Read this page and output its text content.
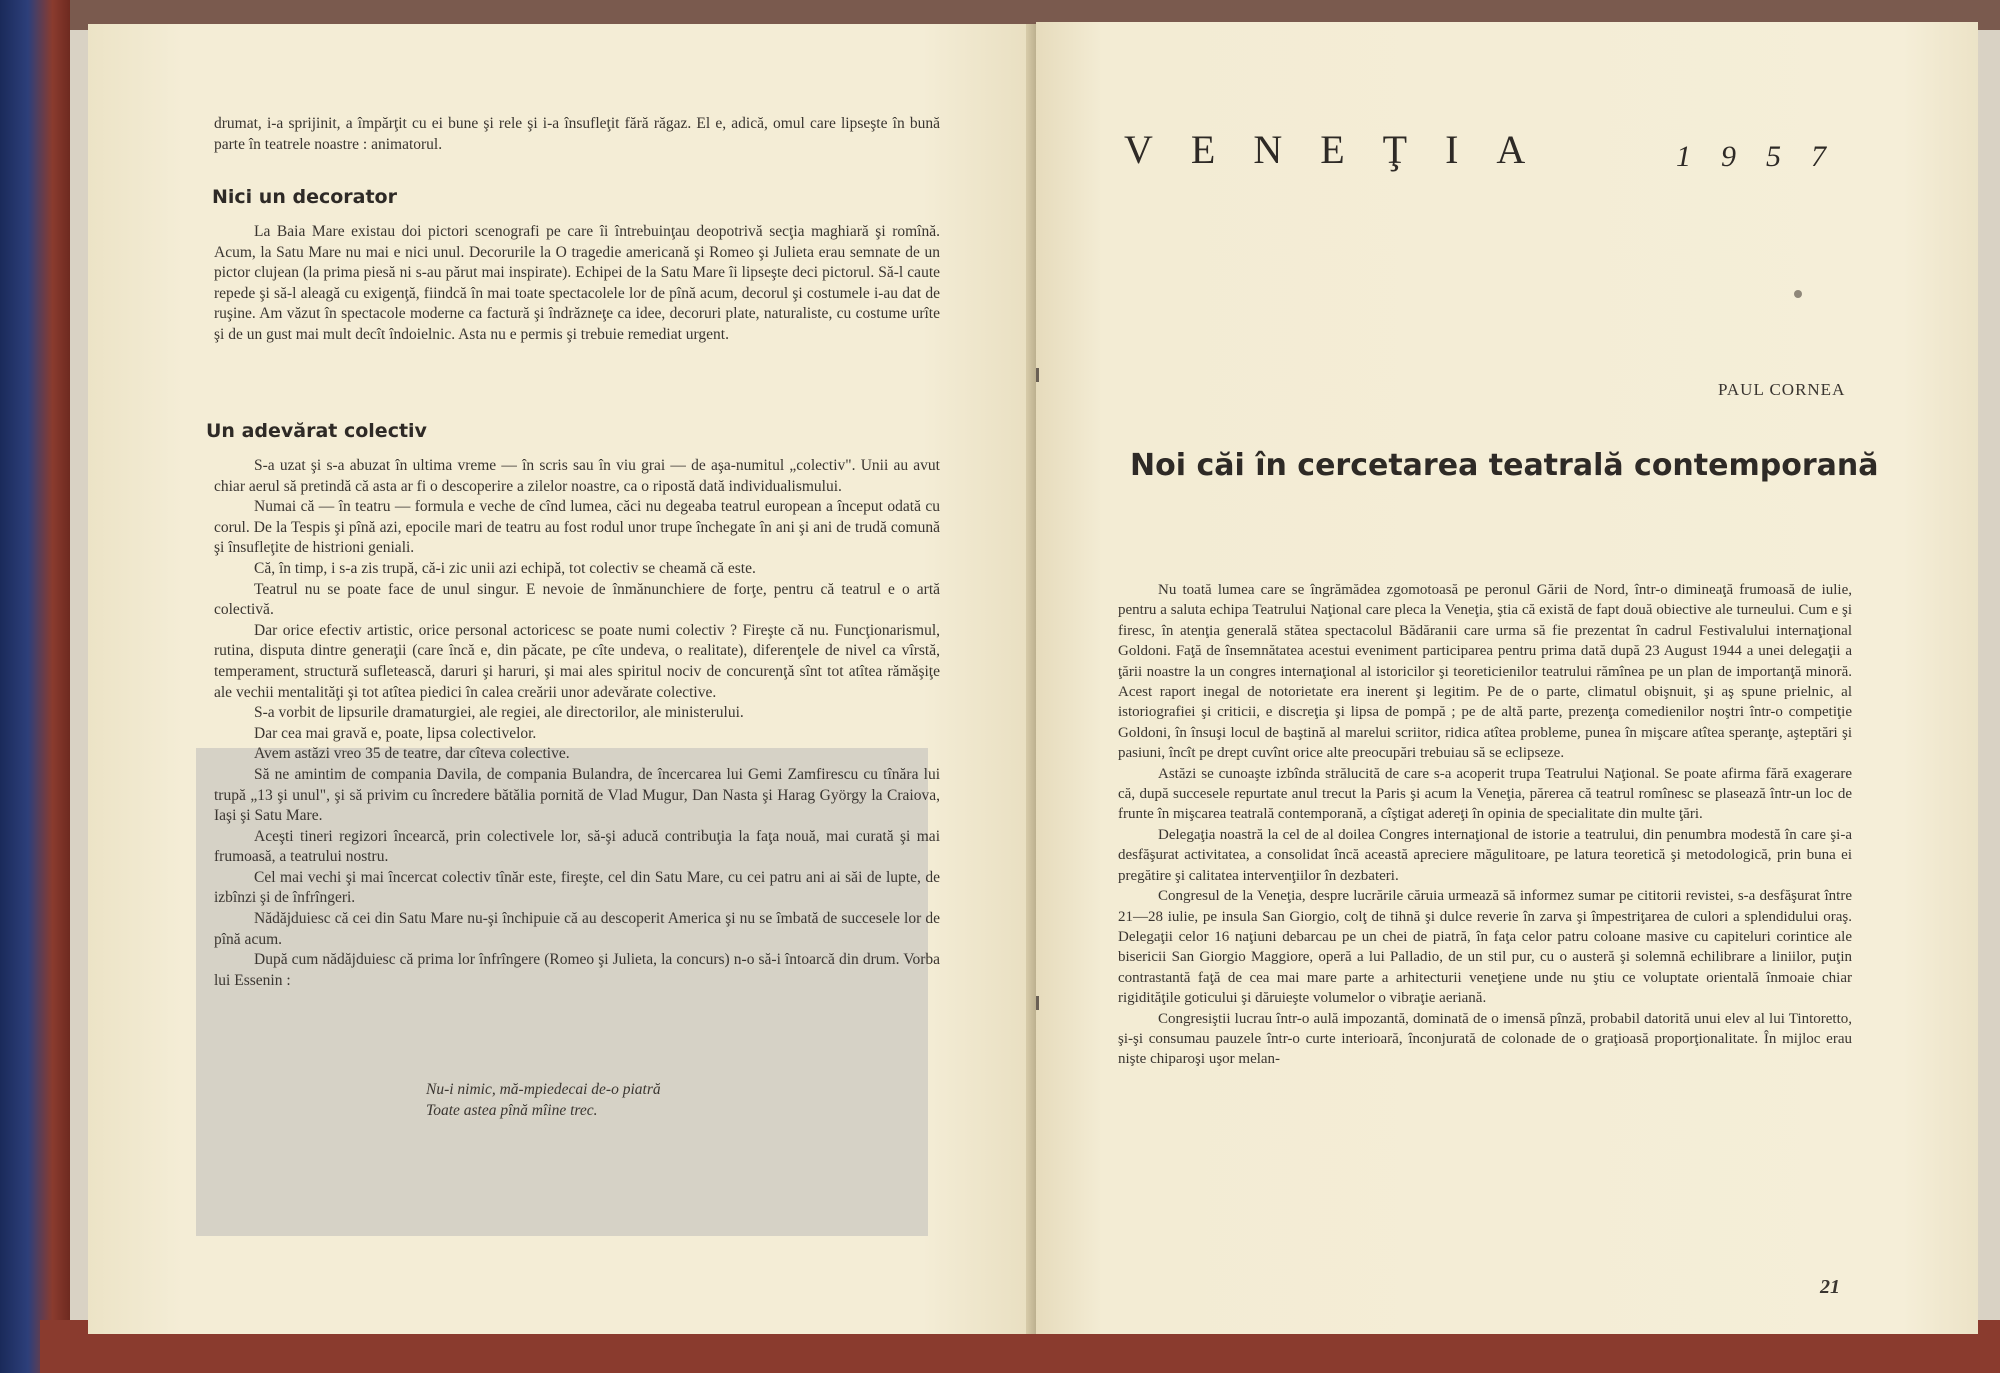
drumat, i-a sprijinit, a împărţit cu ei bune şi rele şi i-a însufleţit fără răgaz. El e, adică, omul care lipseşte în bună parte în teatrele noastre : animatorul.

Nici un decorator

La Baia Mare existau doi pictori scenografi pe care îi întrebuinţau deopotrivă secţia maghiară şi romînă. Acum, la Satu Mare nu mai e nici unul. Decorurile la O tragedie americană şi Romeo şi Julieta erau semnate de un pictor clujean (la prima piesă ni s-au părut mai inspirate). Echipei de la Satu Mare îi lipseşte deci pictorul. Să-l caute repede şi să-l aleagă cu exigenţă, fiindcă în mai toate spectacolele lor de pînă acum, decorul şi costumele i-au dat de ruşine. Am văzut în spectacole moderne ca factură şi îndrăzneţe ca idee, decoruri plate, naturaliste, cu costume urîte şi de un gust mai mult decît îndoielnic. Asta nu e permis şi trebuie remediat urgent.

Un adevărat colectiv

S-a uzat şi s-a abuzat în ultima vreme — în scris sau în viu grai — de aşa-numitul „colectiv". Unii au avut chiar aerul să pretindă că asta ar fi o descoperire a zilelor noastre, ca o ripostă dată individualismului.

Numai că — în teatru — formula e veche de cînd lumea, căci nu degeaba teatrul european a început odată cu corul. De la Tespis şi pînă azi, epocile mari de teatru au fost rodul unor trupe închegate în ani şi ani de trudă comună şi însufleţite de histrioni geniali.

Că, în timp, i s-a zis trupă, că-i zic unii azi echipă, tot colectiv se cheamă că este.

Teatrul nu se poate face de unul singur. E nevoie de înmănunchiere de forţe, pentru că teatrul e o artă colectivă.

Dar orice efectiv artistic, orice personal actoricesc se poate numi colectiv ? Fireşte că nu. Funcţionarismul, rutina, disputa dintre generaţii (care încă e, din păcate, pe cîte undeva, o realitate), diferenţele de nivel ca vîrstă, temperament, structură sufletească, daruri şi haruri, şi mai ales spiritul nociv de concurenţă sînt tot atîtea rămăşiţe ale vechii mentalităţi şi tot atîtea piedici în calea creării unor adevărate colective.

S-a vorbit de lipsurile dramaturgiei, ale regiei, ale directorilor, ale ministerului.

Dar cea mai gravă e, poate, lipsa colectivelor.

Avem astăzi vreo 35 de teatre, dar cîteva colective.

Să ne amintim de compania Davila, de compania Bulandra, de încercarea lui Gemi Zamfirescu cu tînăra lui trupă „13 şi unul", şi să privim cu încredere bătălia pornită de Vlad Mugur, Dan Nasta şi Harag György la Craiova, Iaşi şi Satu Mare.

Aceşti tineri regizori încearcă, prin colectivele lor, să-şi aducă contribuţia la faţa nouă, mai curată şi mai frumoasă, a teatrului nostru.

Cel mai vechi şi mai încercat colectiv tînăr este, fireşte, cel din Satu Mare, cu cei patru ani ai săi de lupte, de izbînzi şi de înfrîngeri.

Nădăjduiesc că cei din Satu Mare nu-şi închipuie că au descoperit America şi nu se îmbată de succesele lor de pînă acum.

După cum nădăjduiesc că prima lor înfrîngere (Romeo şi Julieta, la concurs) n-o să-i întoarcă din drum. Vorba lui Essenin :

Nu-i nimic, mă-mpiedecai de-o piatră
Toate astea pînă mîine trec.
VENEŢIA	1957
PAUL CORNEA
Noi căi în cercetarea teatrală contemporană

Nu toată lumea care se îngrămădea zgomotoasă pe peronul Gării de Nord, într-o dimineaţă frumoasă de iulie, pentru a saluta echipa Teatrului Naţional care pleca la Veneţia, ştia că există de fapt două obiective ale turneului. Cum e şi firesc, în atenţia generală stătea spectacolul Bădăranii care urma să fie prezentat în cadrul Festivalului internaţional Goldoni. Faţă de însemnătatea acestui eveniment participarea pentru prima dată după 23 August 1944 a unei delegaţii a ţării noastre la un congres internaţional al istoricilor şi teoreticienilor teatrului rămînea pe un plan de importanţă minoră. Acest raport inegal de notorietate era inerent şi legitim. Pe de o parte, climatul obişnuit, şi aş spune prielnic, al istoriografiei şi criticii, e discreţia şi lipsa de pompă ; pe de altă parte, prezenţa comedienilor noştri într-o competiţie Goldoni, în însuşi locul de baştină al marelui scriitor, ridica atîtea probleme, punea în mişcare atîtea speranţe, aşteptări şi pasiuni, încît pe drept cuvînt orice alte preocupări trebuiau să se eclipseze.

Astăzi se cunoaşte izbînda strălucită de care s-a acoperit trupa Teatrului Naţional. Se poate afirma fără exagerare că, după succesele repurtate anul trecut la Paris şi acum la Veneţia, părerea că teatrul romînesc se plasează într-un loc de frunte în mişcarea teatrală contemporană, a cîştigat adereţi în opinia de specialitate din multe ţări.

Delegaţia noastră la cel de al doilea Congres internaţional de istorie a teatrului, din penumbra modestă în care şi-a desfăşurat activitatea, a consolidat încă această apreciere măgulitoare, pe latura teoretică şi metodologică, prin buna ei pregătire şi calitatea intervenţiilor în dezbateri.

Congresul de la Veneţia, despre lucrările căruia urmează să informez sumar pe cititorii revistei, s-a desfăşurat între 21—28 iulie, pe insula San Giorgio, colţ de tihnă şi dulce reverie în zarva şi împestriţarea de culori a splendidului oraş. Delegaţii celor 16 naţiuni debarcau pe un chei de piatră, în faţa celor patru coloane masive cu capiteluri corintice ale bisericii San Giorgio Maggiore, operă a lui Palladio, de un stil pur, cu o austeră şi solemnă echilibrare a liniilor, puţin contrastantă faţă de cea mai mare parte a arhitecturii veneţiene unde nu ştiu ce voluptate orientală înmoaie chiar rigidităţile goticului şi dăruieşte volumelor o vibraţie aeriană.

Congresiştii lucrau într-o aulă impozantă, dominată de o imensă pînză, probabil datorită unui elev al lui Tintoretto, şi-şi consumau pauzele într-o curte interioară, înconjurată de colonade de o graţioasă proporţionalitate. În mijloc erau nişte chiparoşi uşor melan-

21
